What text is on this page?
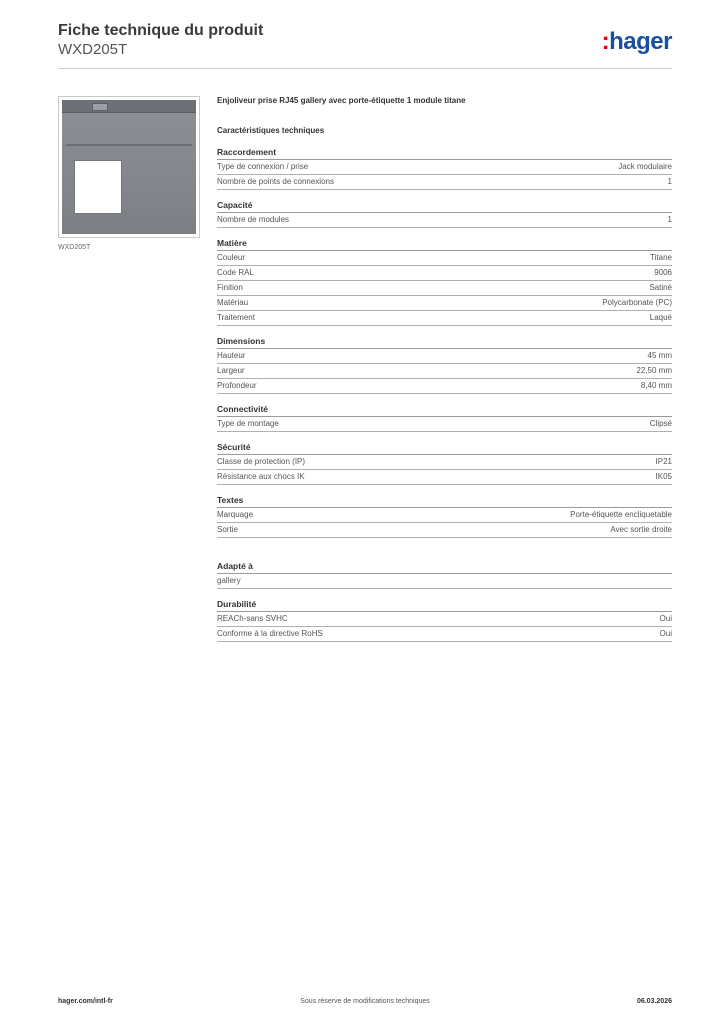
Fiche technique du produit
WXD205T	:hager
WXD205T
Enjoliveur prise RJ45 gallery avec porte-étiquette 1 module titane
Caractéristiques techniques
Raccordement
Type de connexion / prise	Jack modulaire
Nombre de points de connexions	1
Capacité
Nombre de modules	1
Matière
Couleur	Titane
Code RAL	9006
Finition	Satiné
Matériau	Polycarbonate (PC)
Traitement	Laqué
Dimensions
Hauteur	45 mm
Largeur	22,50 mm
Profondeur	8,40 mm
Connectivité
Type de montage	Clipsé
Sécurité
Classe de protection (IP)	IP21
Résistance aux chocs IK	IK05
Textes
Marquage	Porte-étiquette encliquetable
Sortie	Avec sortie droite
Adapté à
gallery
Durabilité
REACh-sans SVHC	Oui
Conforme à la directive RoHS	Oui
hager.com/intl-fr	Sous réserve de modifications techniques	06.03.2026
